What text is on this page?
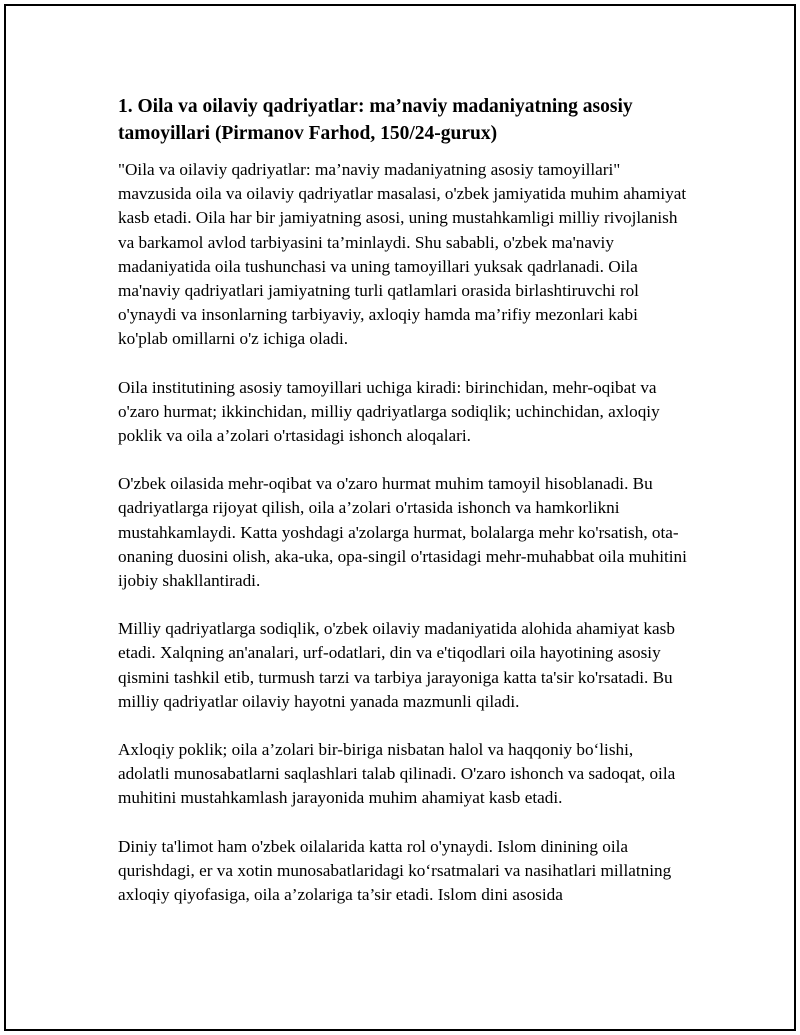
1. Oila va oilaviy qadriyatlar: ma’naviy madaniyatning asosiy tamoyillari (Pirmanov Farhod, 150/24-gurux)

"Oila va oilaviy qadriyatlar: ma’naviy madaniyatning asosiy tamoyillari" mavzusida oila va oilaviy qadriyatlar masalasi, o'zbek jamiyatida muhim ahamiyat kasb etadi. Oila har bir jamiyatning asosi, uning mustahkamligi milliy rivojlanish va barkamol avlod tarbiyasini ta’minlaydi. Shu sababli, o'zbek ma'naviy madaniyatida oila tushunchasi va uning tamoyillari yuksak qadrlanadi. Oila ma'naviy qadriyatlari jamiyatning turli qatlamlari orasida birlashtiruvchi rol o'ynaydi va insonlarning tarbiyaviy, axloqiy hamda ma’rifiy mezonlari kabi ko'plab omillarni o'z ichiga oladi.

Oila institutining asosiy tamoyillari uchiga kiradi: birinchidan, mehr-oqibat va o'zaro hurmat; ikkinchidan, milliy qadriyatlarga sodiqlik; uchinchidan, axloqiy poklik va oila a’zolari o'rtasidagi ishonch aloqalari.

O'zbek oilasida mehr-oqibat va o'zaro hurmat muhim tamoyil hisoblanadi. Bu qadriyatlarga rijoyat qilish, oila a’zolari o'rtasida ishonch va hamkorlikni mustahkamlaydi. Katta yoshdagi a'zolarga hurmat, bolalarga mehr ko'rsatish, ota-onaning duosini olish, aka-uka, opa-singil o'rtasidagi mehr-muhabbat oila muhitini ijobiy shakllantiradi.

Milliy qadriyatlarga sodiqlik, o'zbek oilaviy madaniyatida alohida ahamiyat kasb etadi. Xalqning an'analari, urf-odatlari, din va e'tiqodlari oila hayotining asosiy qismini tashkil etib, turmush tarzi va tarbiya jarayoniga katta ta'sir ko'rsatadi. Bu milliy qadriyatlar oilaviy hayotni yanada mazmunli qiladi.

Axloqiy poklik; oila a’zolari bir-biriga nisbatan halol va haqqoniy bo‘lishi, adolatli munosabatlarni saqlashlari talab qilinadi. O'zaro ishonch va sadoqat, oila muhitini mustahkamlash jarayonida muhim ahamiyat kasb etadi.

Diniy ta'limot ham o'zbek oilalarida katta rol o'ynaydi. Islom dinining oila qurishdagi, er va xotin munosabatlaridagi ko‘rsatmalari va nasihatlari millatning axloqiy qiyofasiga, oila a’zolariga ta’sir etadi. Islom dini asosida
